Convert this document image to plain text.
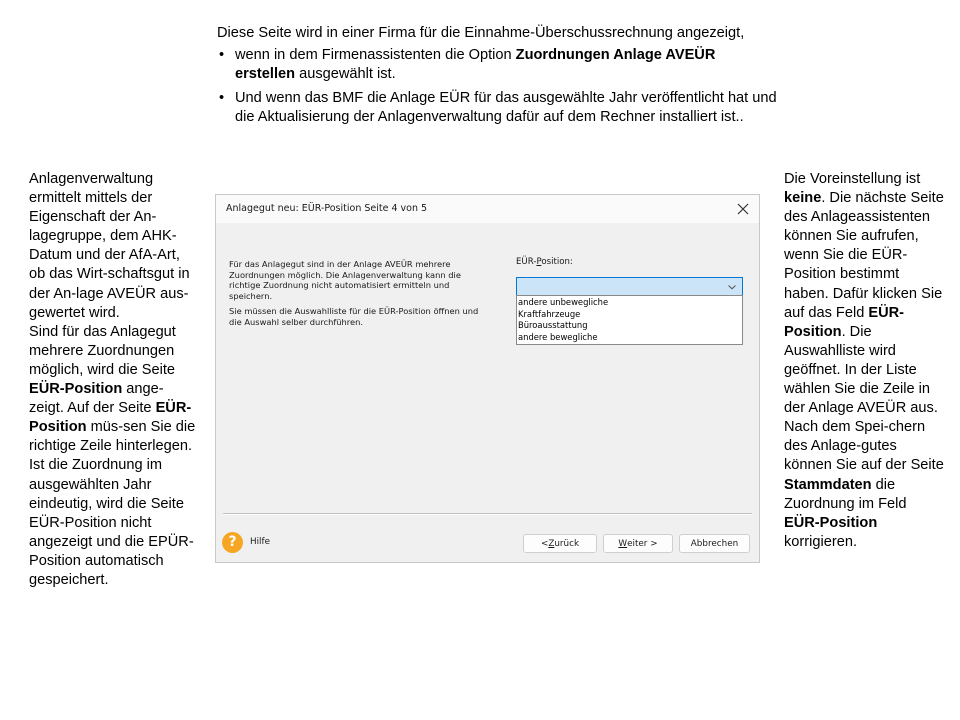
Diese Seite wird in einer Firma für die Einnahme-Überschussrechnung angezeigt,

• wenn in dem Firmenassistenten die Option Zuordnungen Anlage AVEÜR erstellen ausgewählt ist.
• Und wenn das BMF die Anlage EÜR für das ausgewählte Jahr veröffentlicht hat und die Aktualisierung der Anlagenverwaltung dafür auf dem Rechner installiert ist..

Anlagenverwaltung ermittelt mittels der Eigenschaft der An-lagegruppe, dem AHK-Datum und der AfA-Art, ob das Wirt-schaftsgut in der An-lage AVEÜR aus-gewertet wird.

Sind für das Anlagegut mehrere Zuordnungen möglich, wird die Seite EÜR-Position ange-zeigt. Auf der Seite EÜR-Position müs-sen Sie die richtige Zeile hinterlegen. Ist die Zuordnung im ausgewählten Jahr eindeutig, wird die Seite EÜR-Position nicht angezeigt und die EPÜR-Position automatisch gespeichert.

Die Voreinstellung ist keine. Die nächste Seite des Anlageassistenten können Sie aufrufen, wenn Sie die EÜR-Position bestimmt haben. Dafür klicken Sie auf das Feld EÜR-Position. Die Auswahlliste wird geöffnet. In der Liste wählen Sie die Zeile in der Anlage AVEÜR aus.

Nach dem Spei-chern des Anlage-gutes können Sie auf der Seite Stammdaten die Zuordnung im Feld EÜR-Position korrigieren.

Anlagegut neu: EÜR-Position Seite 4 von 5

Für das Anlagegut sind in der Anlage AVEÜR mehrere Zuordnungen möglich. Die Anlagenverwaltung kann die richtige Zuordnung nicht automatisiert ermitteln und speichern.

Sie müssen die Auswahlliste für die EÜR-Position öffnen und die Auswahl selber durchführen.

EÜR-Position:
andere unbewegliche
Kraftfahrzeuge
Büroausstattung
andere bewegliche
?	Hilfe	< Z urück	W eiter >	Abbrechen
